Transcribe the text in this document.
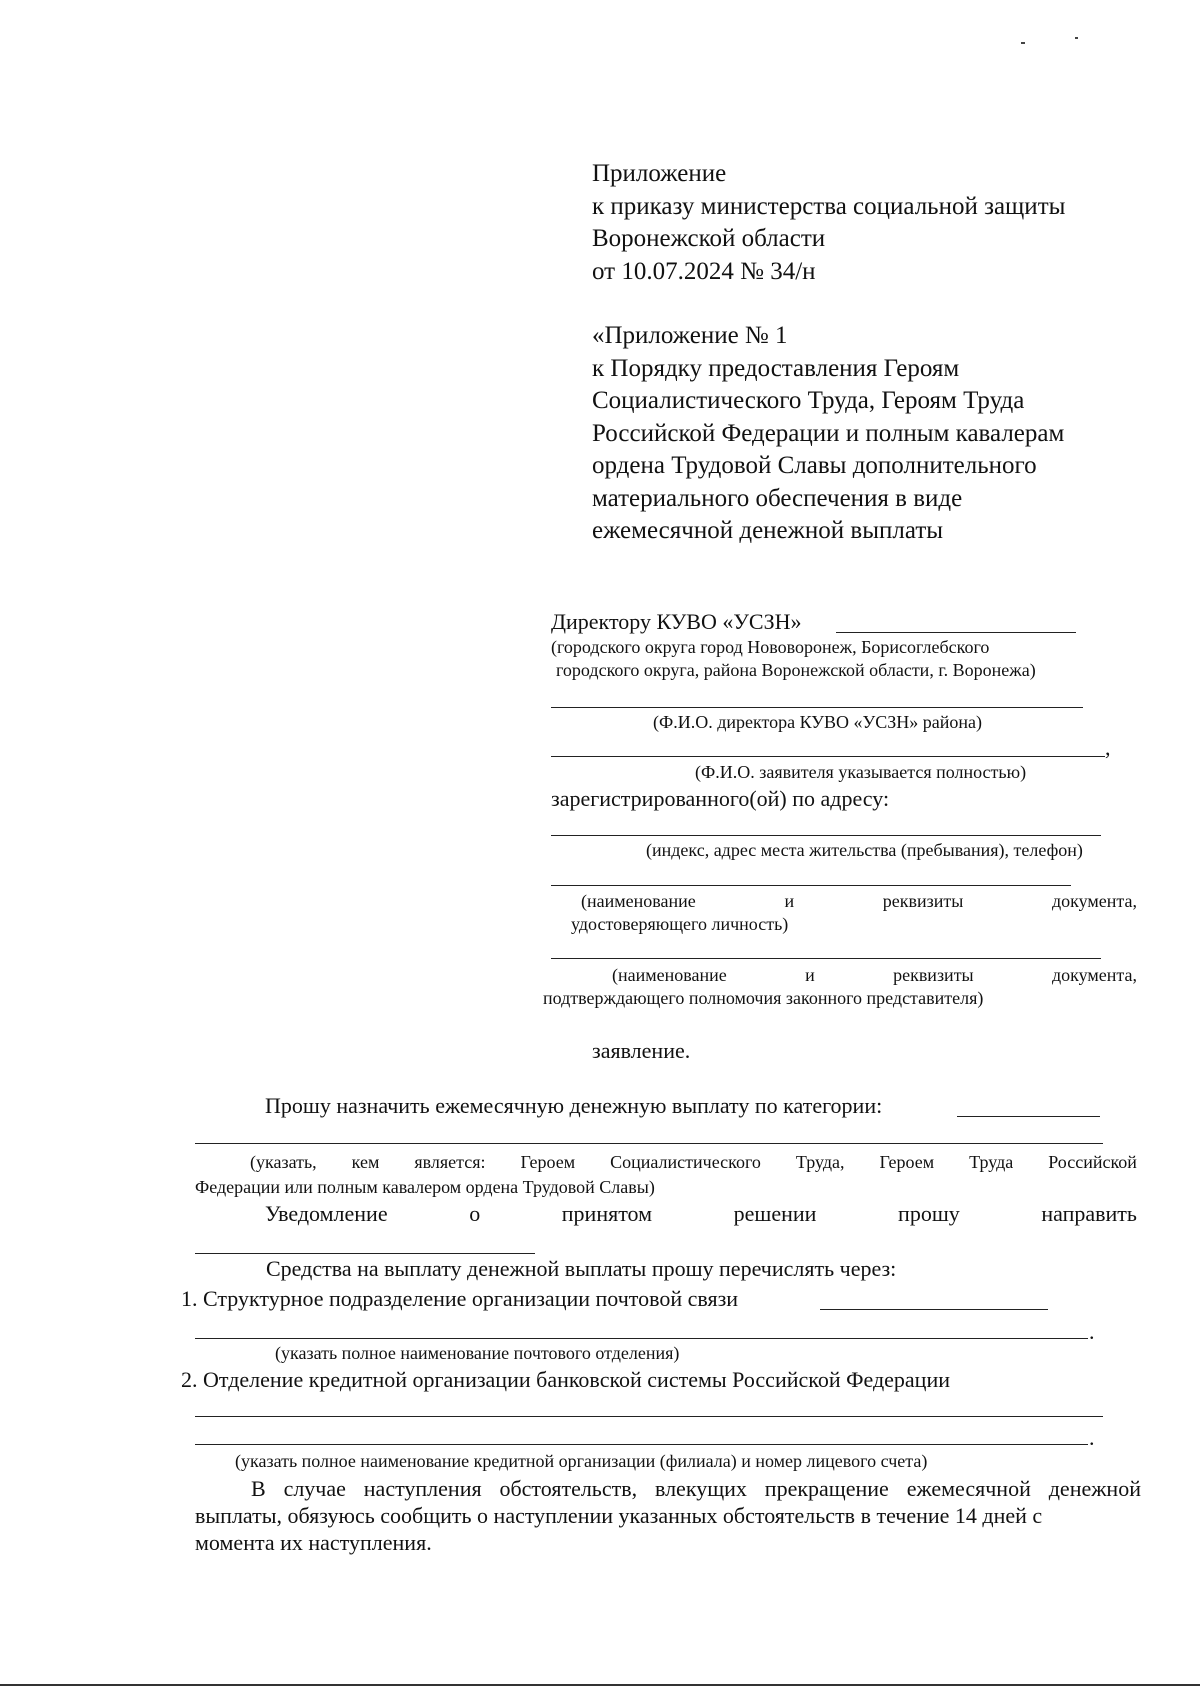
Приложение
к приказу министерства социальной защиты
Воронежской области
от 10.07.2024 № 34/н
«Приложение № 1
к Порядку предоставления Героям
Социалистического Труда, Героям Труда
Российской Федерации и полным кавалерам
ордена Трудовой Славы дополнительного
материального обеспечения в виде
ежемесячной денежной выплаты
Директору КУВО «УСЗН»
(городского округа город Нововоронеж, Борисоглебского
городского округа, района Воронежской области, г. Воронежа)
(Ф.И.О. директора КУВО «УСЗН» района)
,
(Ф.И.О. заявителя указывается полностью)
зарегистрированного(ой) по адресу:
(индекс, адрес места жительства (пребывания), телефон)
(наименование	и	реквизиты	документа,
удостоверяющего личность)
(наименование	и	реквизиты	документа,
подтверждающего полномочия законного представителя)
заявление.
Прошу назначить ежемесячную денежную выплату по категории:
(указать, кем является: Героем Социалистического Труда, Героем Труда Российской
Федерации или полным кавалером ордена Трудовой Славы)
Уведомление	о	принятом	решении	прошу	направить
Средства на выплату денежной выплаты прошу перечислять через:
1. Структурное подразделение организации почтовой связи
.
(указать полное наименование почтового отделения)
2. Отделение кредитной организации банковской системы Российской Федерации
.
(указать полное наименование кредитной организации (филиала) и номер лицевого счета)
В случае наступления обстоятельств, влекущих прекращение ежемесячной денежной
выплаты, обязуюсь сообщить о наступлении указанных обстоятельств в течение 14 дней с
момента их наступления.
